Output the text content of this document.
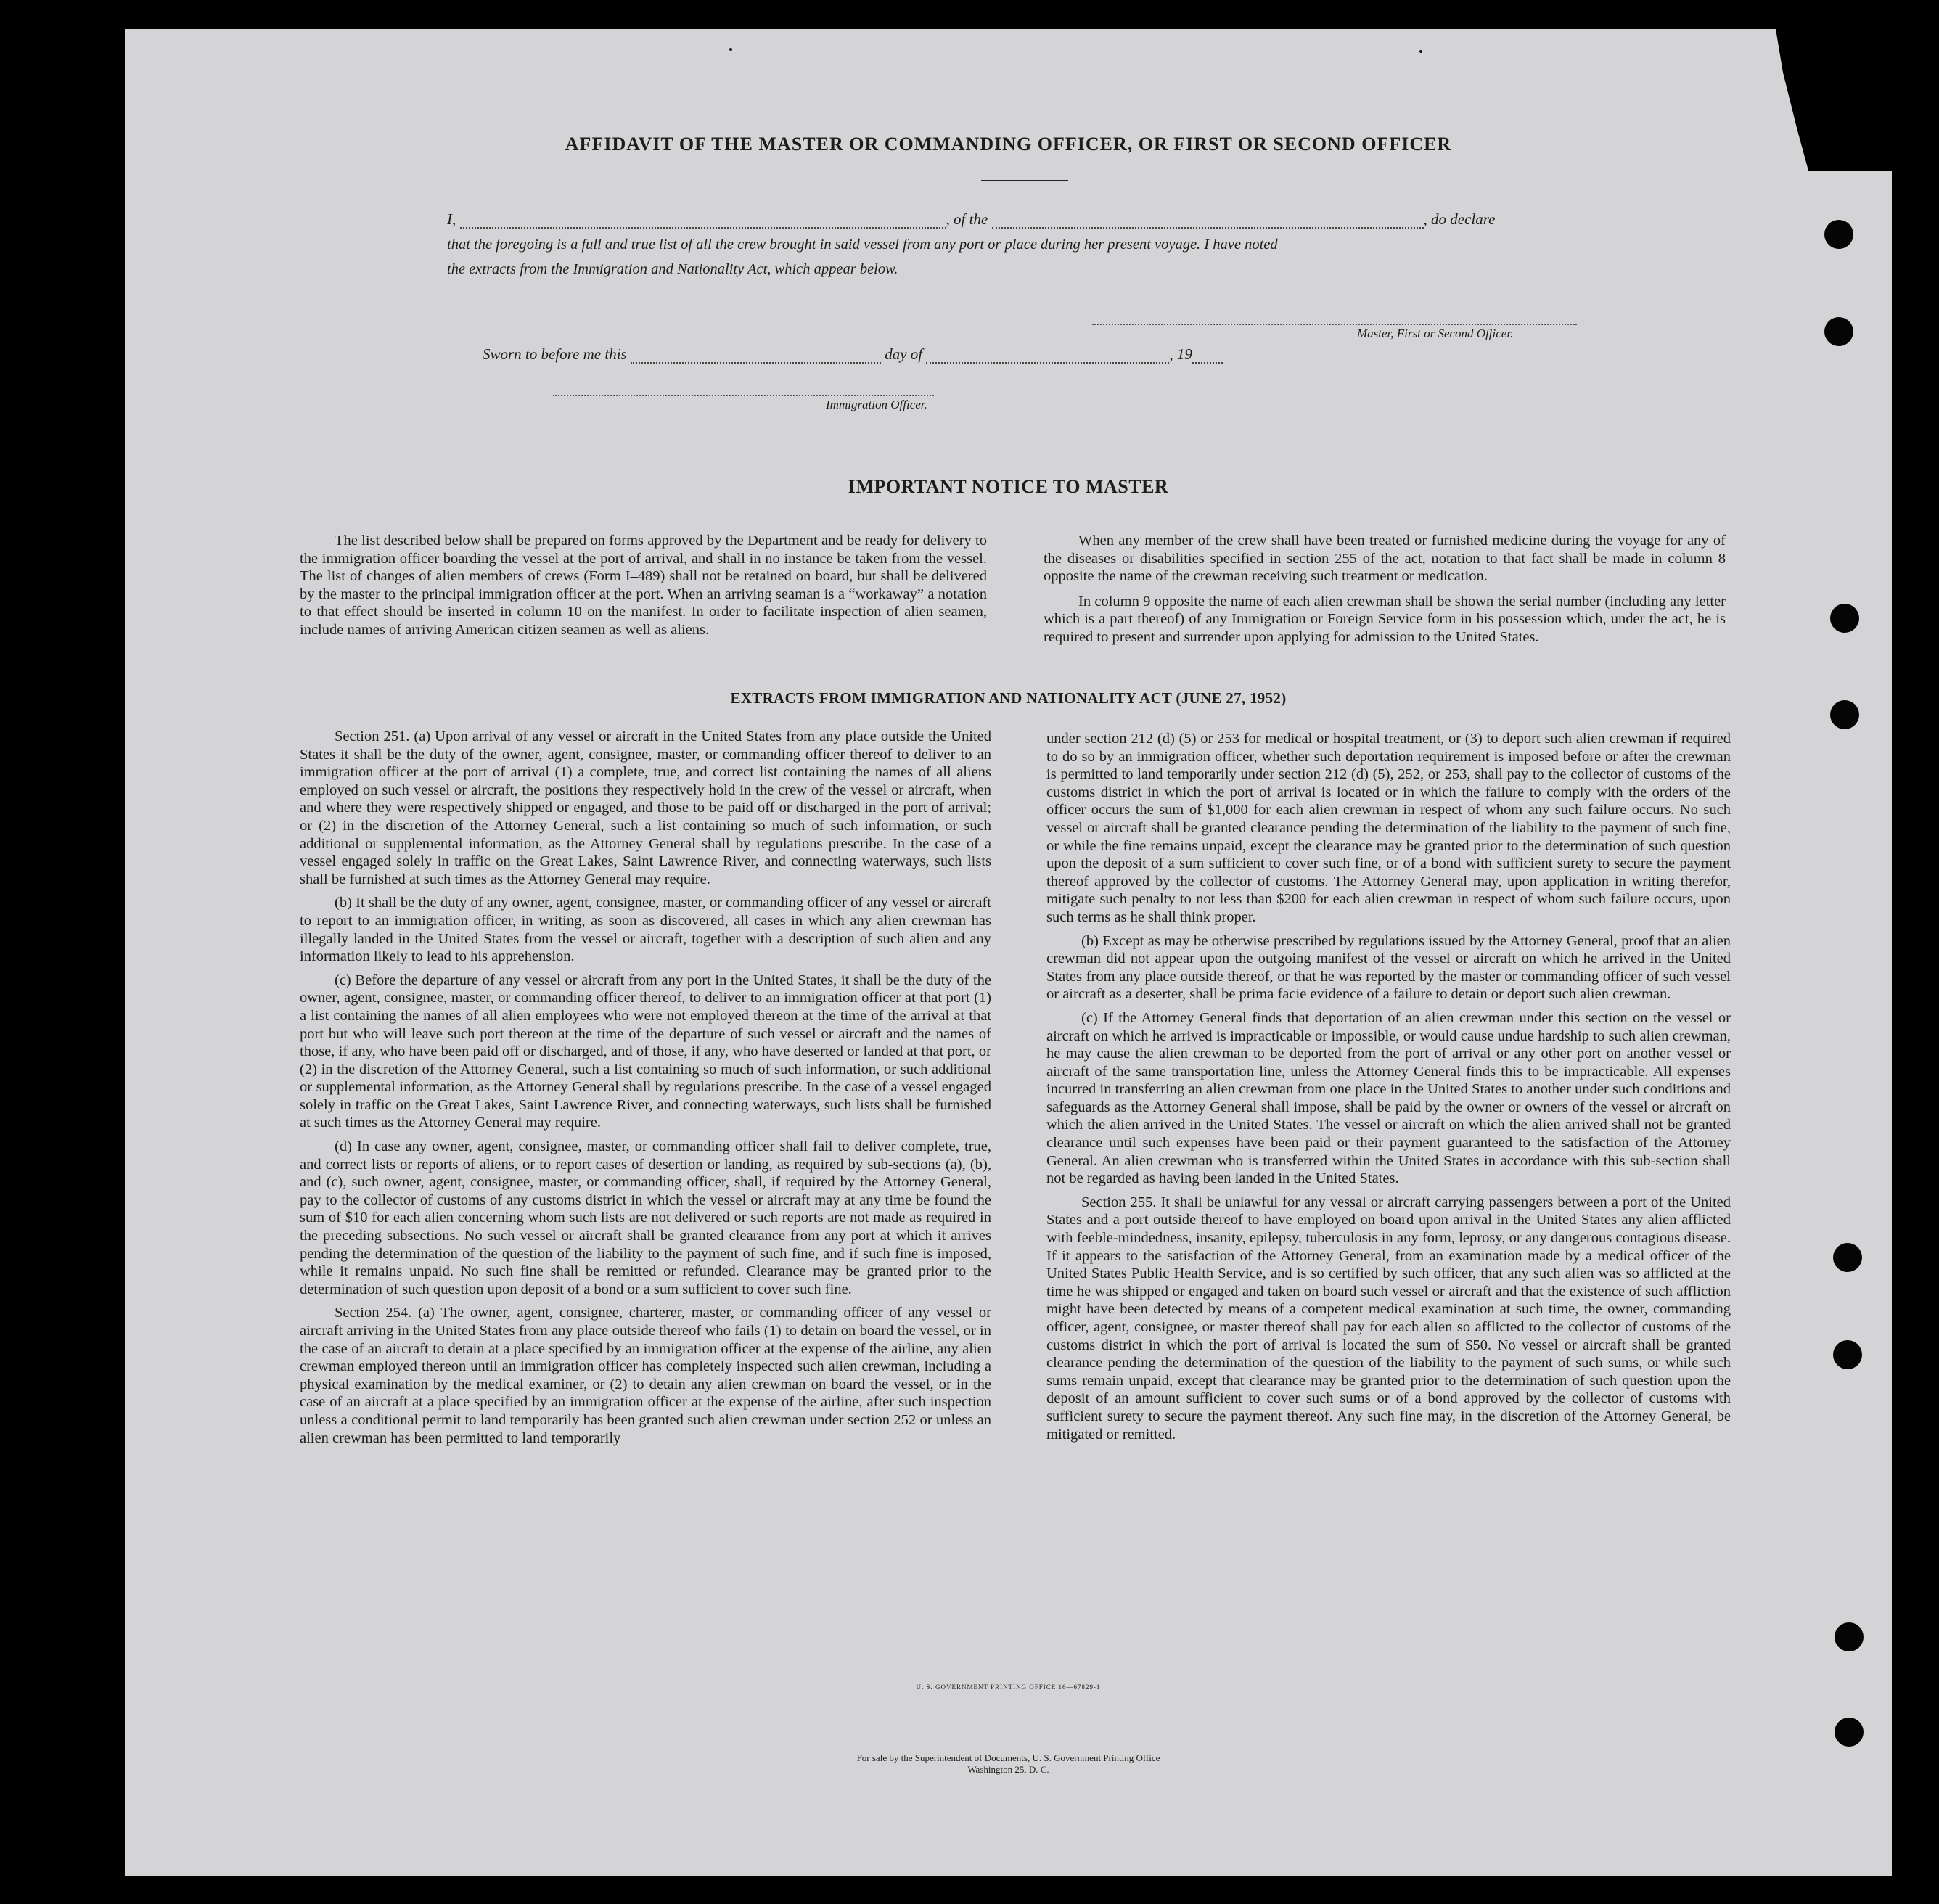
AFFIDAVIT OF THE MASTER OR COMMANDING OFFICER, OR FIRST OR SECOND OFFICER
I,	, of the	, do declare
that the foregoing is a full and true list of all the crew brought in said vessel from any port or place during her present voyage. I have noted
the extracts from the Immigration and Nationality Act, which appear below.
Master, First or Second Officer.
Sworn to before me this	day of	, 19
Immigration Officer.
IMPORTANT NOTICE TO MASTER

The list described below shall be prepared on forms approved by the Department and be ready for delivery to the immigration officer boarding the vessel at the port of arrival, and shall in no instance be taken from the vessel. The list of changes of alien members of crews (Form I–489) shall not be retained on board, but shall be delivered by the master to the principal immigration officer at the port. When an arriving seaman is a “workaway” a notation to that effect should be inserted in column 10 on the manifest. In order to facilitate inspection of alien seamen, include names of arriving American citizen seamen as well as aliens.

When any member of the crew shall have been treated or furnished medicine during the voyage for any of the diseases or disabilities specified in section 255 of the act, notation to that fact shall be made in column 8 opposite the name of the crewman receiving such treatment or medication.

In column 9 opposite the name of each alien crewman shall be shown the serial number (including any letter which is a part thereof) of any Immigration or Foreign Service form in his possession which, under the act, he is required to present and surrender upon applying for admission to the United States.

EXTRACTS FROM IMMIGRATION AND NATIONALITY ACT (JUNE 27, 1952)

Section 251. (a) Upon arrival of any vessel or aircraft in the United States from any place outside the United States it shall be the duty of the owner, agent, consignee, master, or commanding officer thereof to deliver to an immigration officer at the port of arrival (1) a complete, true, and correct list containing the names of all aliens employed on such vessel or aircraft, the positions they respectively hold in the crew of the vessel or aircraft, when and where they were respectively shipped or engaged, and those to be paid off or discharged in the port of arrival; or (2) in the discretion of the Attorney General, such a list containing so much of such information, or such additional or supplemental information, as the Attorney General shall by regulations prescribe. In the case of a vessel engaged solely in traffic on the Great Lakes, Saint Lawrence River, and connecting waterways, such lists shall be furnished at such times as the Attorney General may require.

(b) It shall be the duty of any owner, agent, consignee, master, or commanding officer of any vessel or aircraft to report to an immigration officer, in writing, as soon as discovered, all cases in which any alien crewman has illegally landed in the United States from the vessel or aircraft, together with a description of such alien and any information likely to lead to his apprehension.

(c) Before the departure of any vessel or aircraft from any port in the United States, it shall be the duty of the owner, agent, consignee, master, or commanding officer thereof, to deliver to an immigration officer at that port (1) a list containing the names of all alien employees who were not employed thereon at the time of the arrival at that port but who will leave such port thereon at the time of the departure of such vessel or aircraft and the names of those, if any, who have been paid off or discharged, and of those, if any, who have deserted or landed at that port, or (2) in the discretion of the Attorney General, such a list containing so much of such information, or such additional or supplemental information, as the Attorney General shall by regulations prescribe. In the case of a vessel engaged solely in traffic on the Great Lakes, Saint Lawrence River, and connecting waterways, such lists shall be furnished at such times as the Attorney General may require.

(d) In case any owner, agent, consignee, master, or commanding officer shall fail to deliver complete, true, and correct lists or reports of aliens, or to report cases of desertion or landing, as required by sub-sections (a), (b), and (c), such owner, agent, consignee, master, or commanding officer, shall, if required by the Attorney General, pay to the collector of customs of any customs district in which the vessel or aircraft may at any time be found the sum of $10 for each alien concerning whom such lists are not delivered or such reports are not made as required in the preceding subsections. No such vessel or aircraft shall be granted clearance from any port at which it arrives pending the determination of the question of the liability to the payment of such fine, and if such fine is imposed, while it remains unpaid. No such fine shall be remitted or refunded. Clearance may be granted prior to the determination of such question upon deposit of a bond or a sum sufficient to cover such fine.

Section 254. (a) The owner, agent, consignee, charterer, master, or commanding officer of any vessel or aircraft arriving in the United States from any place outside thereof who fails (1) to detain on board the vessel, or in the case of an aircraft to detain at a place specified by an immigration officer at the expense of the airline, any alien crewman employed thereon until an immigration officer has completely inspected such alien crewman, including a physical examination by the medical examiner, or (2) to detain any alien crewman on board the vessel, or in the case of an aircraft at a place specified by an immigration officer at the expense of the airline, after such inspection unless a conditional permit to land temporarily has been granted such alien crewman under section 252 or unless an alien crewman has been permitted to land temporarily

under section 212 (d) (5) or 253 for medical or hospital treatment, or (3) to deport such alien crewman if required to do so by an immigration officer, whether such deportation requirement is imposed before or after the crewman is permitted to land temporarily under section 212 (d) (5), 252, or 253, shall pay to the collector of customs of the customs district in which the port of arrival is located or in which the failure to comply with the orders of the officer occurs the sum of $1,000 for each alien crewman in respect of whom any such failure occurs. No such vessel or aircraft shall be granted clearance pending the determination of the liability to the payment of such fine, or while the fine remains unpaid, except the clearance may be granted prior to the determination of such question upon the deposit of a sum sufficient to cover such fine, or of a bond with sufficient surety to secure the payment thereof approved by the collector of customs. The Attorney General may, upon application in writing therefor, mitigate such penalty to not less than $200 for each alien crewman in respect of whom such failure occurs, upon such terms as he shall think proper.

(b) Except as may be otherwise prescribed by regulations issued by the Attorney General, proof that an alien crewman did not appear upon the outgoing manifest of the vessel or aircraft on which he arrived in the United States from any place outside thereof, or that he was reported by the master or commanding officer of such vessel or aircraft as a deserter, shall be prima facie evidence of a failure to detain or deport such alien crewman.

(c) If the Attorney General finds that deportation of an alien crewman under this section on the vessel or aircraft on which he arrived is impracticable or impossible, or would cause undue hardship to such alien crewman, he may cause the alien crewman to be deported from the port of arrival or any other port on another vessel or aircraft of the same transportation line, unless the Attorney General finds this to be impracticable. All expenses incurred in transferring an alien crewman from one place in the United States to another under such conditions and safeguards as the Attorney General shall impose, shall be paid by the owner or owners of the vessel or aircraft on which the alien arrived in the United States. The vessel or aircraft on which the alien arrived shall not be granted clearance until such expenses have been paid or their payment guaranteed to the satisfaction of the Attorney General. An alien crewman who is transferred within the United States in accordance with this sub-section shall not be regarded as having been landed in the United States.

Section 255. It shall be unlawful for any vessal or aircraft carrying passengers between a port of the United States and a port outside thereof to have employed on board upon arrival in the United States any alien afflicted with feeble-mindedness, insanity, epilepsy, tuberculosis in any form, leprosy, or any dangerous contagious disease. If it appears to the satisfaction of the Attorney General, from an examination made by a medical officer of the United States Public Health Service, and is so certified by such officer, that any such alien was so afflicted at the time he was shipped or engaged and taken on board such vessel or aircraft and that the existence of such affliction might have been detected by means of a competent medical examination at such time, the owner, commanding officer, agent, consignee, or master thereof shall pay for each alien so afflicted to the collector of customs of the customs district in which the port of arrival is located the sum of $50. No vessel or aircraft shall be granted clearance pending the determination of the question of the liability to the payment of such sums, or while such sums remain unpaid, except that clearance may be granted prior to the determination of such question upon the deposit of an amount sufficient to cover such sums or of a bond approved by the collector of customs with sufficient surety to secure the payment thereof. Any such fine may, in the discretion of the Attorney General, be mitigated or remitted.

U. S. GOVERNMENT PRINTING OFFICE 16—67829-1
For sale by the Superintendent of Documents, U. S. Government Printing Office
Washington 25, D. C.
